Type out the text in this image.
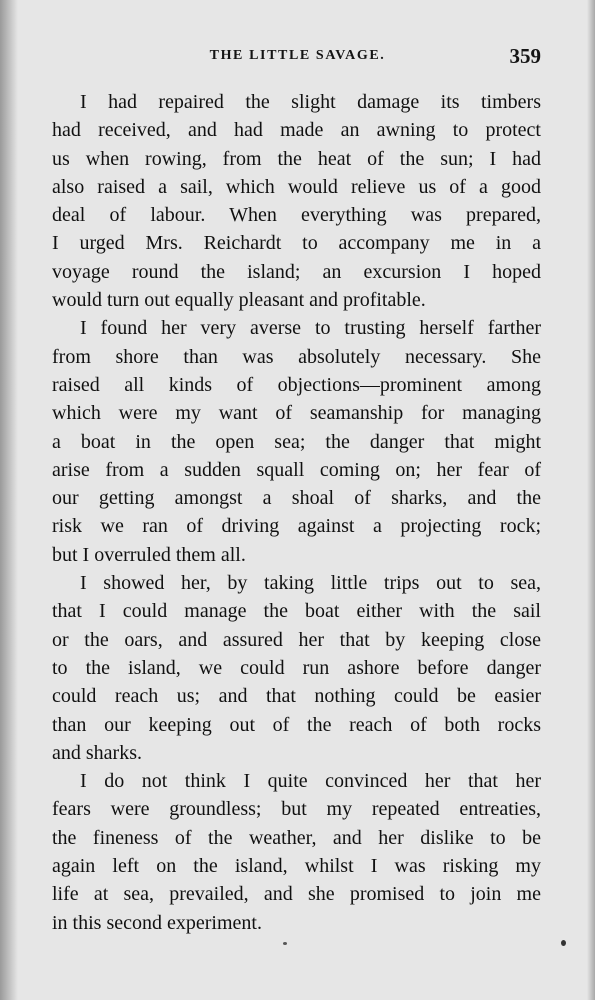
THE LITTLE SAVAGE.	359
I had repaired the slight damage its timbers
had received, and had made an awning to protect
us when rowing, from the heat of the sun; I had
also raised a sail, which would relieve us of a good
deal of labour. When everything was prepared,
I urged Mrs. Reichardt to accompany me in a
voyage round the island; an excursion I hoped
would turn out equally pleasant and profitable.
I found her very averse to trusting herself farther
from shore than was absolutely necessary. She
raised all kinds of objections—prominent among
which were my want of seamanship for managing
a boat in the open sea; the danger that might
arise from a sudden squall coming on; her fear of
our getting amongst a shoal of sharks, and the
risk we ran of driving against a projecting rock;
but I overruled them all.
I showed her, by taking little trips out to sea,
that I could manage the boat either with the sail
or the oars, and assured her that by keeping close
to the island, we could run ashore before danger
could reach us; and that nothing could be easier
than our keeping out of the reach of both rocks
and sharks.
I do not think I quite convinced her that her
fears were groundless; but my repeated entreaties,
the fineness of the weather, and her dislike to be
again left on the island, whilst I was risking my
life at sea, prevailed, and she promised to join me
in this second experiment.
